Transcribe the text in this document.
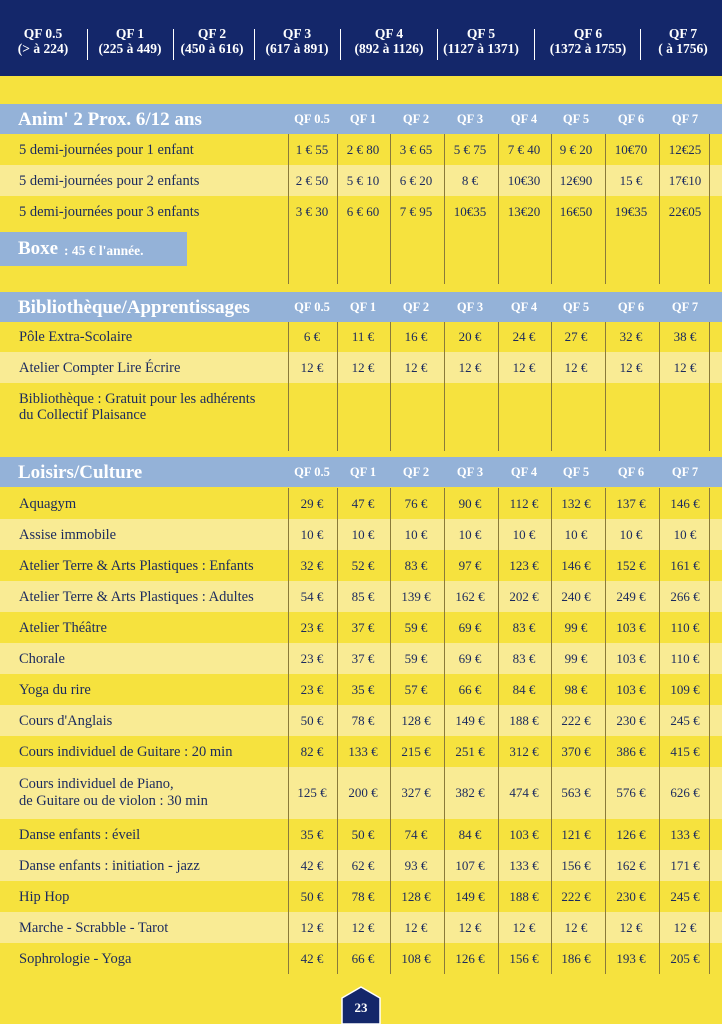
QF 0.5
(> à 224)
QF 1
(225 à 449)
QF 2
(450 à 616)
QF 3
(617 à 891)
QF 4
(892 à 1126)
QF 5
(1127 à 1371)
QF 6
(1372 à 1755)
QF 7
( à 1756)
Anim' 2 Prox. 6/12 ans	QF 0.5	QF 1	QF 2	QF 3	QF 4	QF 5	QF 6	QF 7
5 demi-journées pour 1 enfant	1 € 55	2 € 80	3 € 65	5 € 75	7 € 40	9 € 20	10€70	12€25
5 demi-journées pour 2 enfants	2 € 50	5 € 10	6 € 20	8 €	10€30	12€90	15 €	17€10
5 demi-journées pour 3 enfants	3 € 30	6 € 60	7 € 95	10€35	13€20	16€50	19€35	22€05
Bibliothèque/Apprentissages	QF 0.5	QF 1	QF 2	QF 3	QF 4	QF 5	QF 6	QF 7
Pôle Extra-Scolaire	6 €	11 €	16 €	20 €	24 €	27 €	32 €	38 €
Atelier Compter Lire Écrire	12 €	12 €	12 €	12 €	12 €	12 €	12 €	12 €
Bibliothèque : Gratuit pour les adhérents
du Collectif Plaisance
Loisirs/Culture	QF 0.5	QF 1	QF 2	QF 3	QF 4	QF 5	QF 6	QF 7
Aquagym	29 €	47 €	76 €	90 €	112 €	132 €	137 €	146 €
Assise immobile	10 €	10 €	10 €	10 €	10 €	10 €	10 €	10 €
Atelier Terre & Arts Plastiques : Enfants	32 €	52 €	83 €	97 €	123 €	146 €	152 €	161 €
Atelier Terre & Arts Plastiques : Adultes	54 €	85 €	139 €	162 €	202 €	240 €	249 €	266 €
Atelier Théâtre	23 €	37 €	59 €	69 €	83 €	99 €	103 €	110 €
Chorale	23 €	37 €	59 €	69 €	83 €	99 €	103 €	110 €
Yoga du rire	23 €	35 €	57 €	66 €	84 €	98 €	103 €	109 €
Cours d'Anglais	50 €	78 €	128 €	149 €	188 €	222 €	230 €	245 €
Cours individuel de Guitare : 20 min	82 €	133 €	215 €	251 €	312 €	370 €	386 €	415 €
Cours individuel de Piano,
de Guitare ou de violon : 30 min
125 €	200 €	327 €	382 €	474 €	563 €	576 €	626 €
Danse enfants : éveil	35 €	50 €	74 €	84 €	103 €	121 €	126 €	133 €
Danse enfants : initiation - jazz	42 €	62 €	93 €	107 €	133 €	156 €	162 €	171 €
Hip Hop	50 €	78 €	128 €	149 €	188 €	222 €	230 €	245 €
Marche - Scrabble - Tarot	12 €	12 €	12 €	12 €	12 €	12 €	12 €	12 €
Sophrologie - Yoga	42 €	66 €	108 €	126 €	156 €	186 €	193 €	205 €
Boxe : 45 € l'année.
23
